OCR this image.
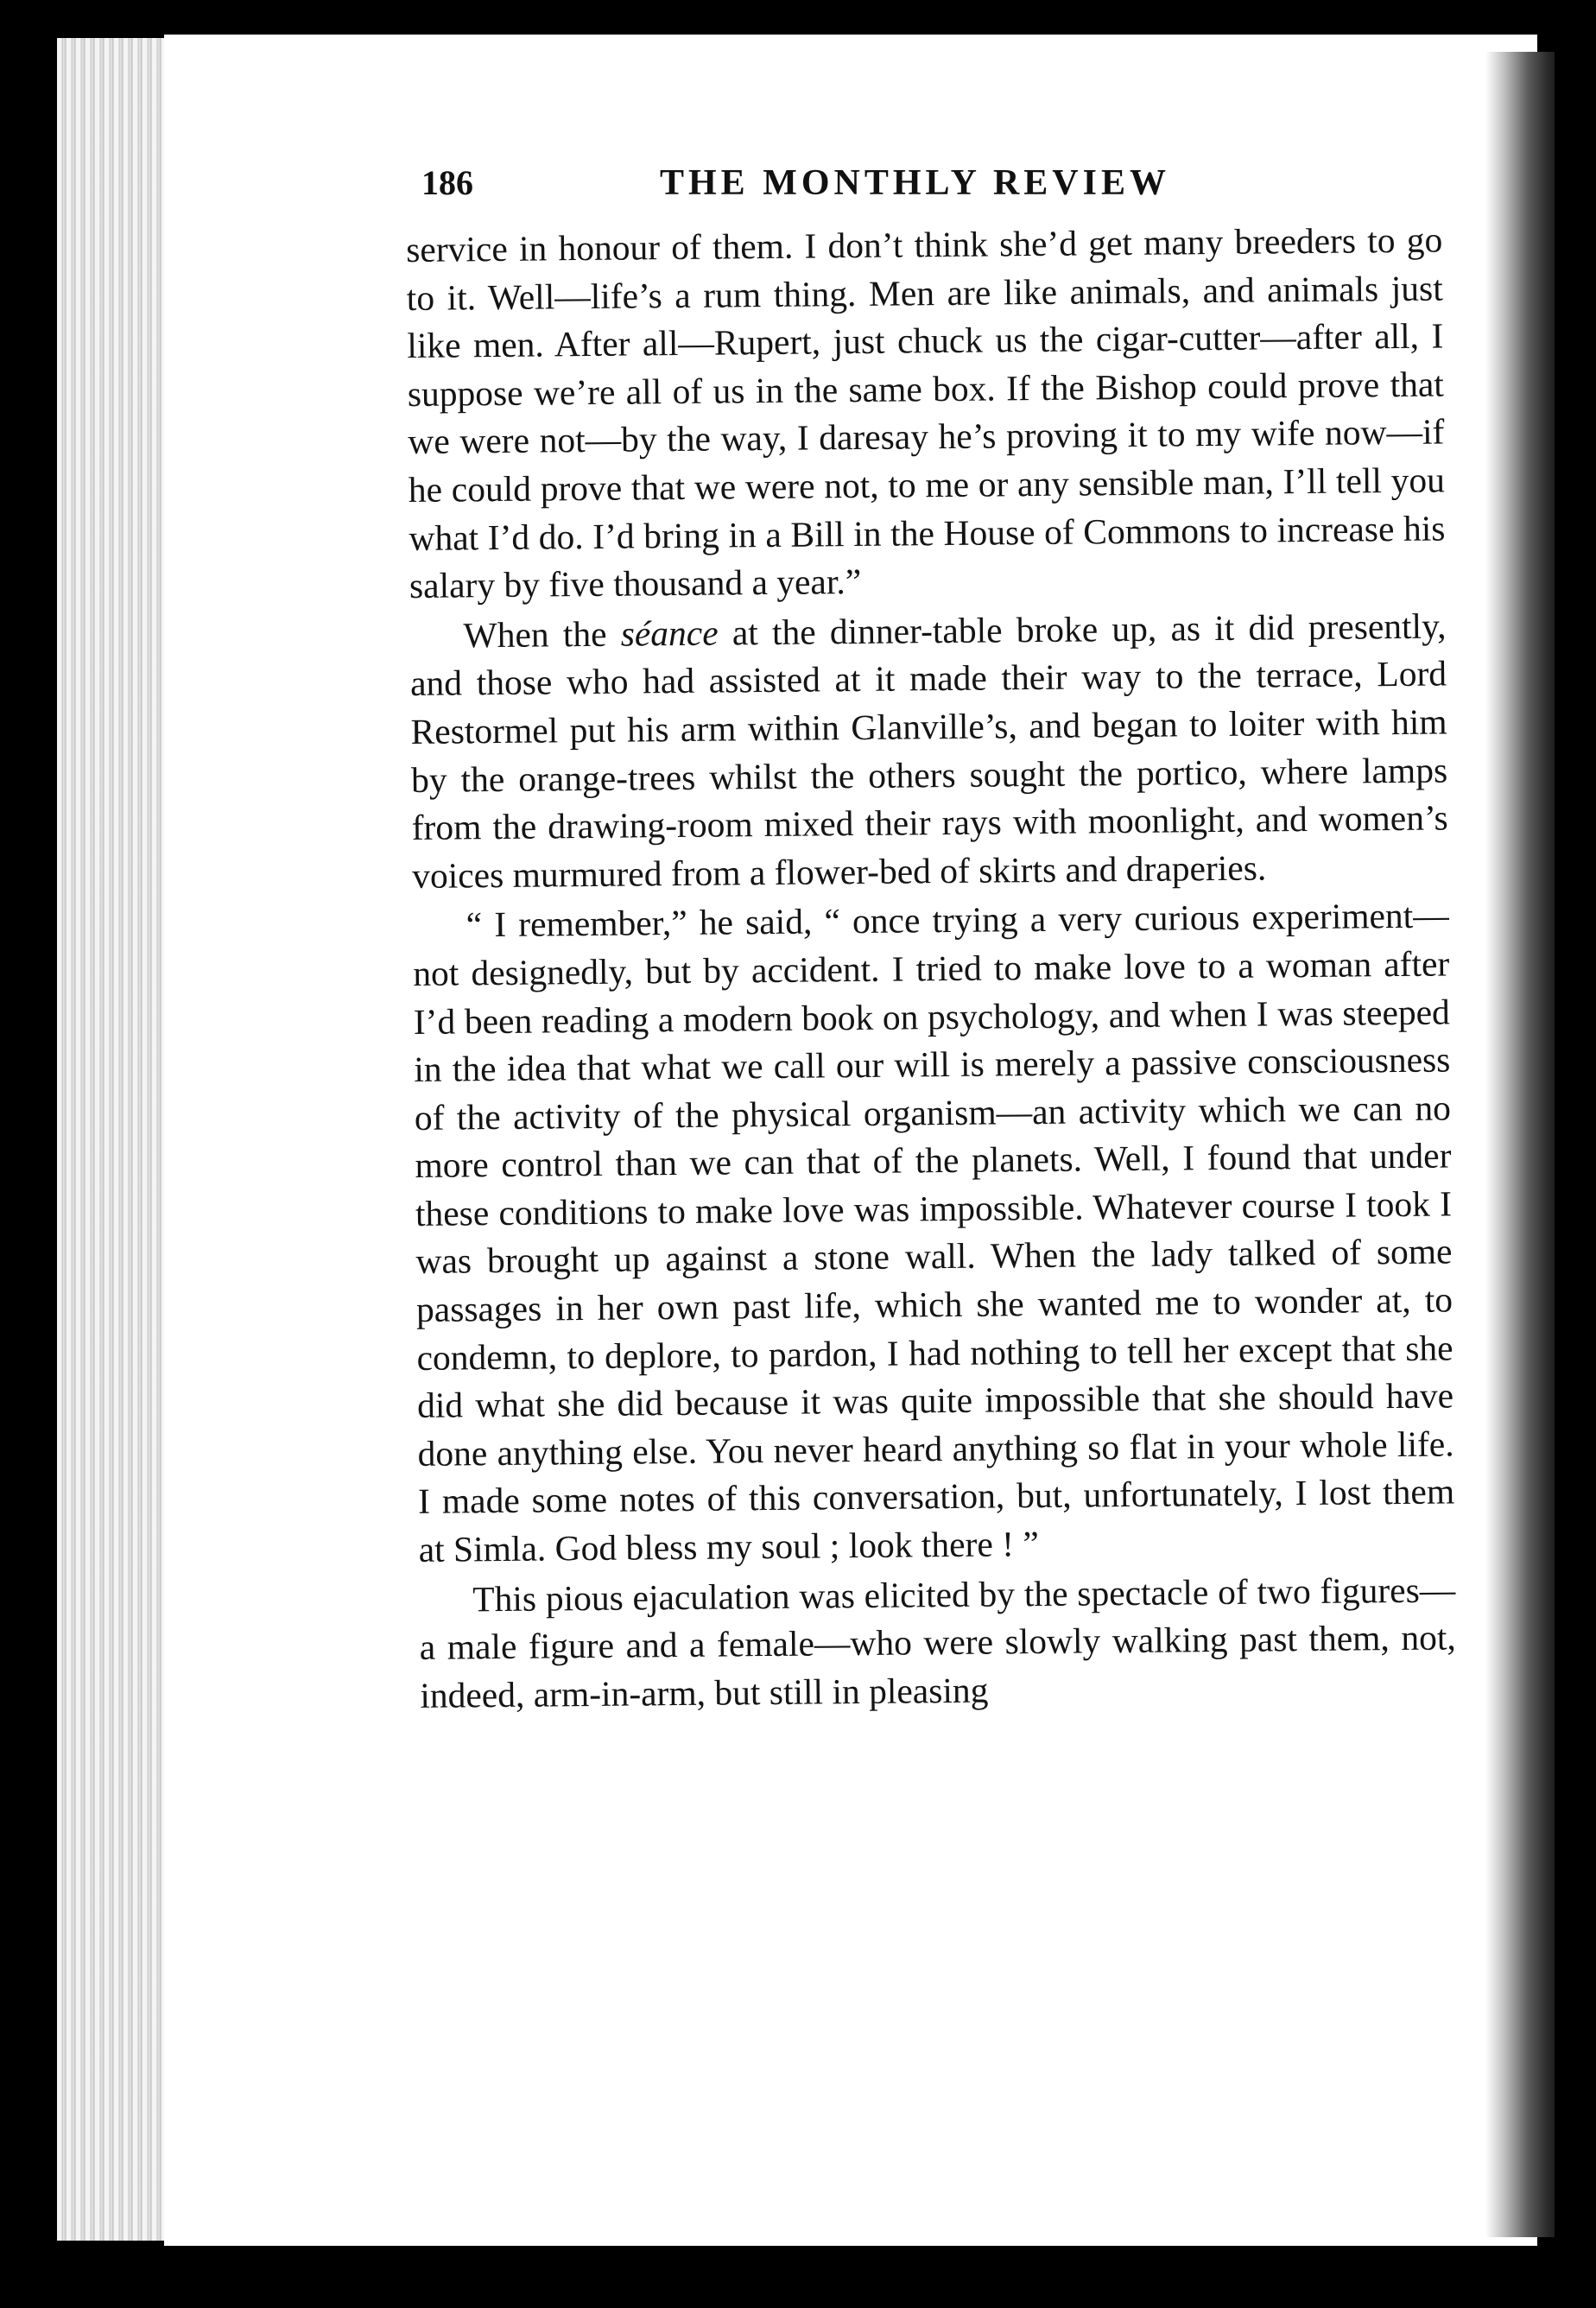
186	THE MONTHLY REVIEW

service in honour of them. I don’t think she’d get many breeders to go to it. Well—life’s a rum thing. Men are like animals, and animals just like men. After all—Rupert, just chuck us the cigar-cutter—after all, I suppose we’re all of us in the same box. If the Bishop could prove that we were not—by the way, I daresay he’s proving it to my wife now—if he could prove that we were not, to me or any sensible man, I’ll tell you what I’d do. I’d bring in a Bill in the House of Commons to increase his salary by five thousand a year.”

When the séance at the dinner-table broke up, as it did presently, and those who had assisted at it made their way to the terrace, Lord Restormel put his arm within Glanville’s, and began to loiter with him by the orange-trees whilst the others sought the portico, where lamps from the drawing-room mixed their rays with moonlight, and women’s voices murmured from a flower-bed of skirts and draperies.

“ I remember,” he said, “ once trying a very curious experiment—not designedly, but by accident. I tried to make love to a woman after I’d been reading a modern book on psychology, and when I was steeped in the idea that what we call our will is merely a passive consciousness of the activity of the physical organism—an activity which we can no more control than we can that of the planets. Well, I found that under these conditions to make love was impossible. Whatever course I took I was brought up against a stone wall. When the lady talked of some passages in her own past life, which she wanted me to wonder at, to condemn, to deplore, to pardon, I had nothing to tell her except that she did what she did because it was quite impossible that she should have done anything else. You never heard anything so flat in your whole life. I made some notes of this conversation, but, unfortunately, I lost them at Simla. God bless my soul ; look there ! ”

This pious ejaculation was elicited by the spectacle of two figures—a male figure and a female—who were slowly walking past them, not, indeed, arm-in-arm, but still in pleasing
